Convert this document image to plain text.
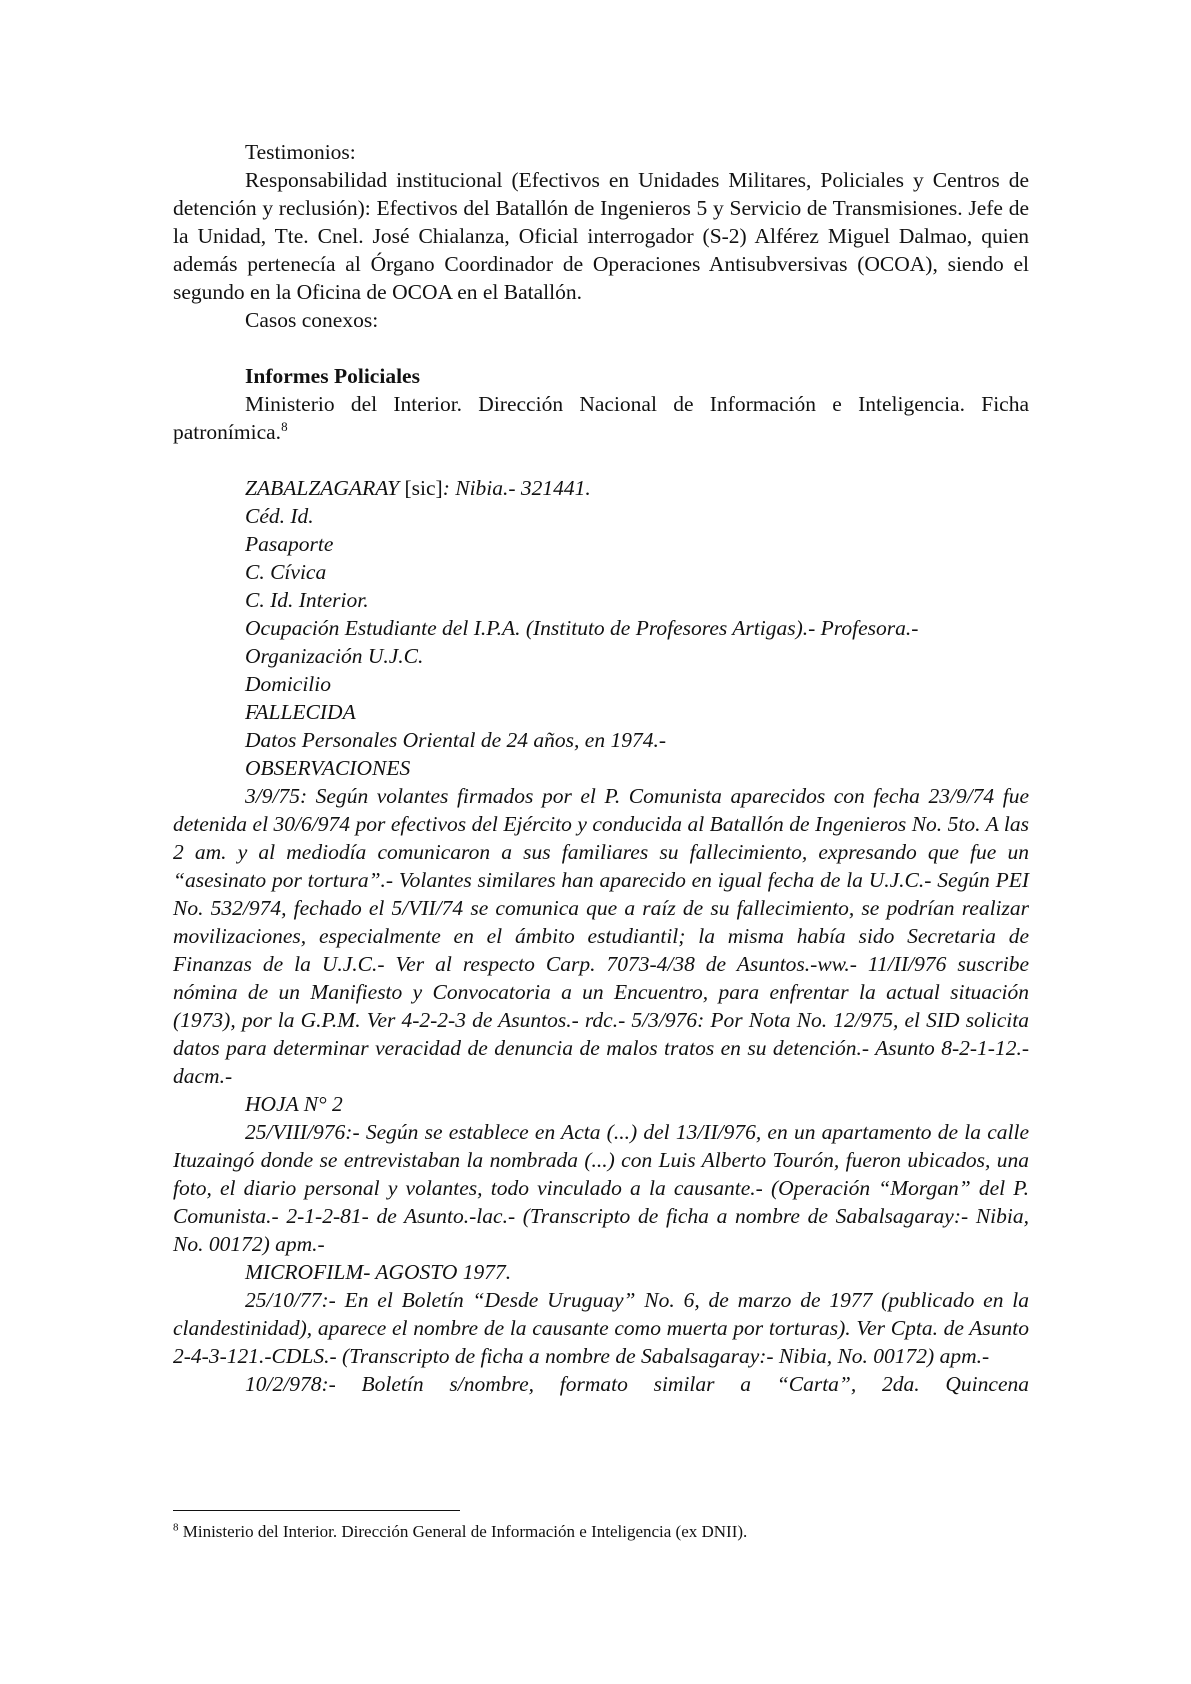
Testimonios:

Responsabilidad institucional (Efectivos en Unidades Militares, Policiales y Centros de detención y reclusión): Efectivos del Batallón de Ingenieros 5 y Servicio de Transmisiones. Jefe de la Unidad, Tte. Cnel. José Chialanza, Oficial interrogador (S-2) Alférez Miguel Dalmao, quien además pertenecía al Órgano Coordinador de Operaciones Antisubversivas (OCOA), siendo el segundo en la Oficina de OCOA en el Batallón.

Casos conexos:

Informes Policiales

Ministerio del Interior. Dirección Nacional de Información e Inteligencia. Ficha patronímica.$^8$

ZABALZAGARAY [sic]: Nibia.- 321441.

Céd. Id.

Pasaporte

C. Cívica

C. Id. Interior.

Ocupación Estudiante del I.P.A. (Instituto de Profesores Artigas).- Profesora.-

Organización U.J.C.

Domicilio

FALLECIDA

Datos Personales Oriental de 24 años, en 1974.-

OBSERVACIONES

3/9/75: Según volantes firmados por el P. Comunista aparecidos con fecha 23/9/74 fue detenida el 30/6/974 por efectivos del Ejército y conducida al Batallón de Ingenieros No. 5to. A las 2 am. y al mediodía comunicaron a sus familiares su fallecimiento, expresando que fue un “asesinato por tortura”.- Volantes similares han aparecido en igual fecha de la U.J.C.- Según PEI No. 532/974, fechado el 5/VII/74 se comunica que a raíz de su fallecimiento, se podrían realizar movilizaciones, especialmente en el ámbito estudiantil; la misma había sido Secretaria de Finanzas de la U.J.C.- Ver al respecto Carp. 7073-4/38 de Asuntos.-ww.- 11/II/976 suscribe nómina de un Manifiesto y Convocatoria a un Encuentro, para enfrentar la actual situación (1973), por la G.P.M. Ver 4-2-2-3 de Asuntos.- rdc.- 5/3/976: Por Nota No. 12/975, el SID solicita datos para determinar veracidad de denuncia de malos tratos en su detención.- Asunto 8-2-1-12.-dacm.-

HOJA N° 2

25/VIII/976:- Según se establece en Acta (...) del 13/II/976, en un apartamento de la calle Ituzaingó donde se entrevistaban la nombrada (...) con Luis Alberto Tourón, fueron ubicados, una foto, el diario personal y volantes, todo vinculado a la causante.- (Operación “Morgan” del P. Comunista.- 2-1-2-81- de Asunto.-lac.- (Transcripto de ficha a nombre de Sabalsagaray:- Nibia, No. 00172) apm.-

MICROFILM- AGOSTO 1977.

25/10/77:- En el Boletín “Desde Uruguay” No. 6, de marzo de 1977 (publicado en la clandestinidad), aparece el nombre de la causante como muerta por torturas). Ver Cpta. de Asunto 2-4-3-121.-CDLS.- (Transcripto de ficha a nombre de Sabalsagaray:- Nibia, No. 00172) apm.-

10/2/978:- Boletín s/nombre, formato similar a “Carta”, 2da. Quincena

$^8$ Ministerio del Interior. Dirección General de Información e Inteligencia (ex DNII).
